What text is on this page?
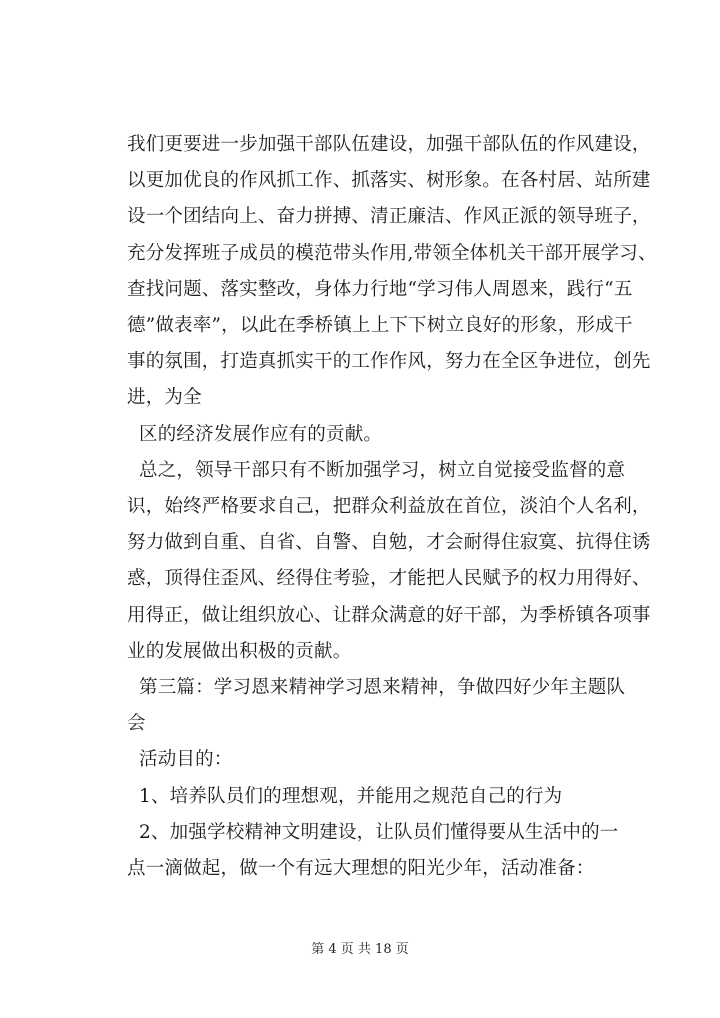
我们更要进一步加强干部队伍建设，加强干部队伍的作风建设，
以更加优良的作风抓工作、抓落实、树形象。在各村居、站所建
设一个团结向上、奋力拼搏、清正廉洁、作风正派的领导班子，
充分发挥班子成员的模范带头作用,带领全体机关干部开展学习、
查找问题、落实整改，身体力行地“学习伟人周恩来，践行“五
德”做表率”，以此在季桥镇上上下下树立良好的形象，形成干
事的氛围，打造真抓实干的工作作风，努力在全区争进位，创先
进，为全
区的经济发展作应有的贡献。
总之，领导干部只有不断加强学习，树立自觉接受监督的意
识，始终严格要求自己，把群众利益放在首位，淡泊个人名利，
努力做到自重、自省、自警、自勉，才会耐得住寂寞、抗得住诱
惑，顶得住歪风、经得住考验，才能把人民赋予的权力用得好、
用得正，做让组织放心、让群众满意的好干部，为季桥镇各项事
业的发展做出积极的贡献。
第三篇：学习恩来精神学习恩来精神，争做四好少年主题队
会
活动目的：
1、培养队员们的理想观，并能用之规范自己的行为
2、加强学校精神文明建设，让队员们懂得要从生活中的一
点一滴做起，做一个有远大理想的阳光少年，活动准备：
第 4 页 共 18 页
